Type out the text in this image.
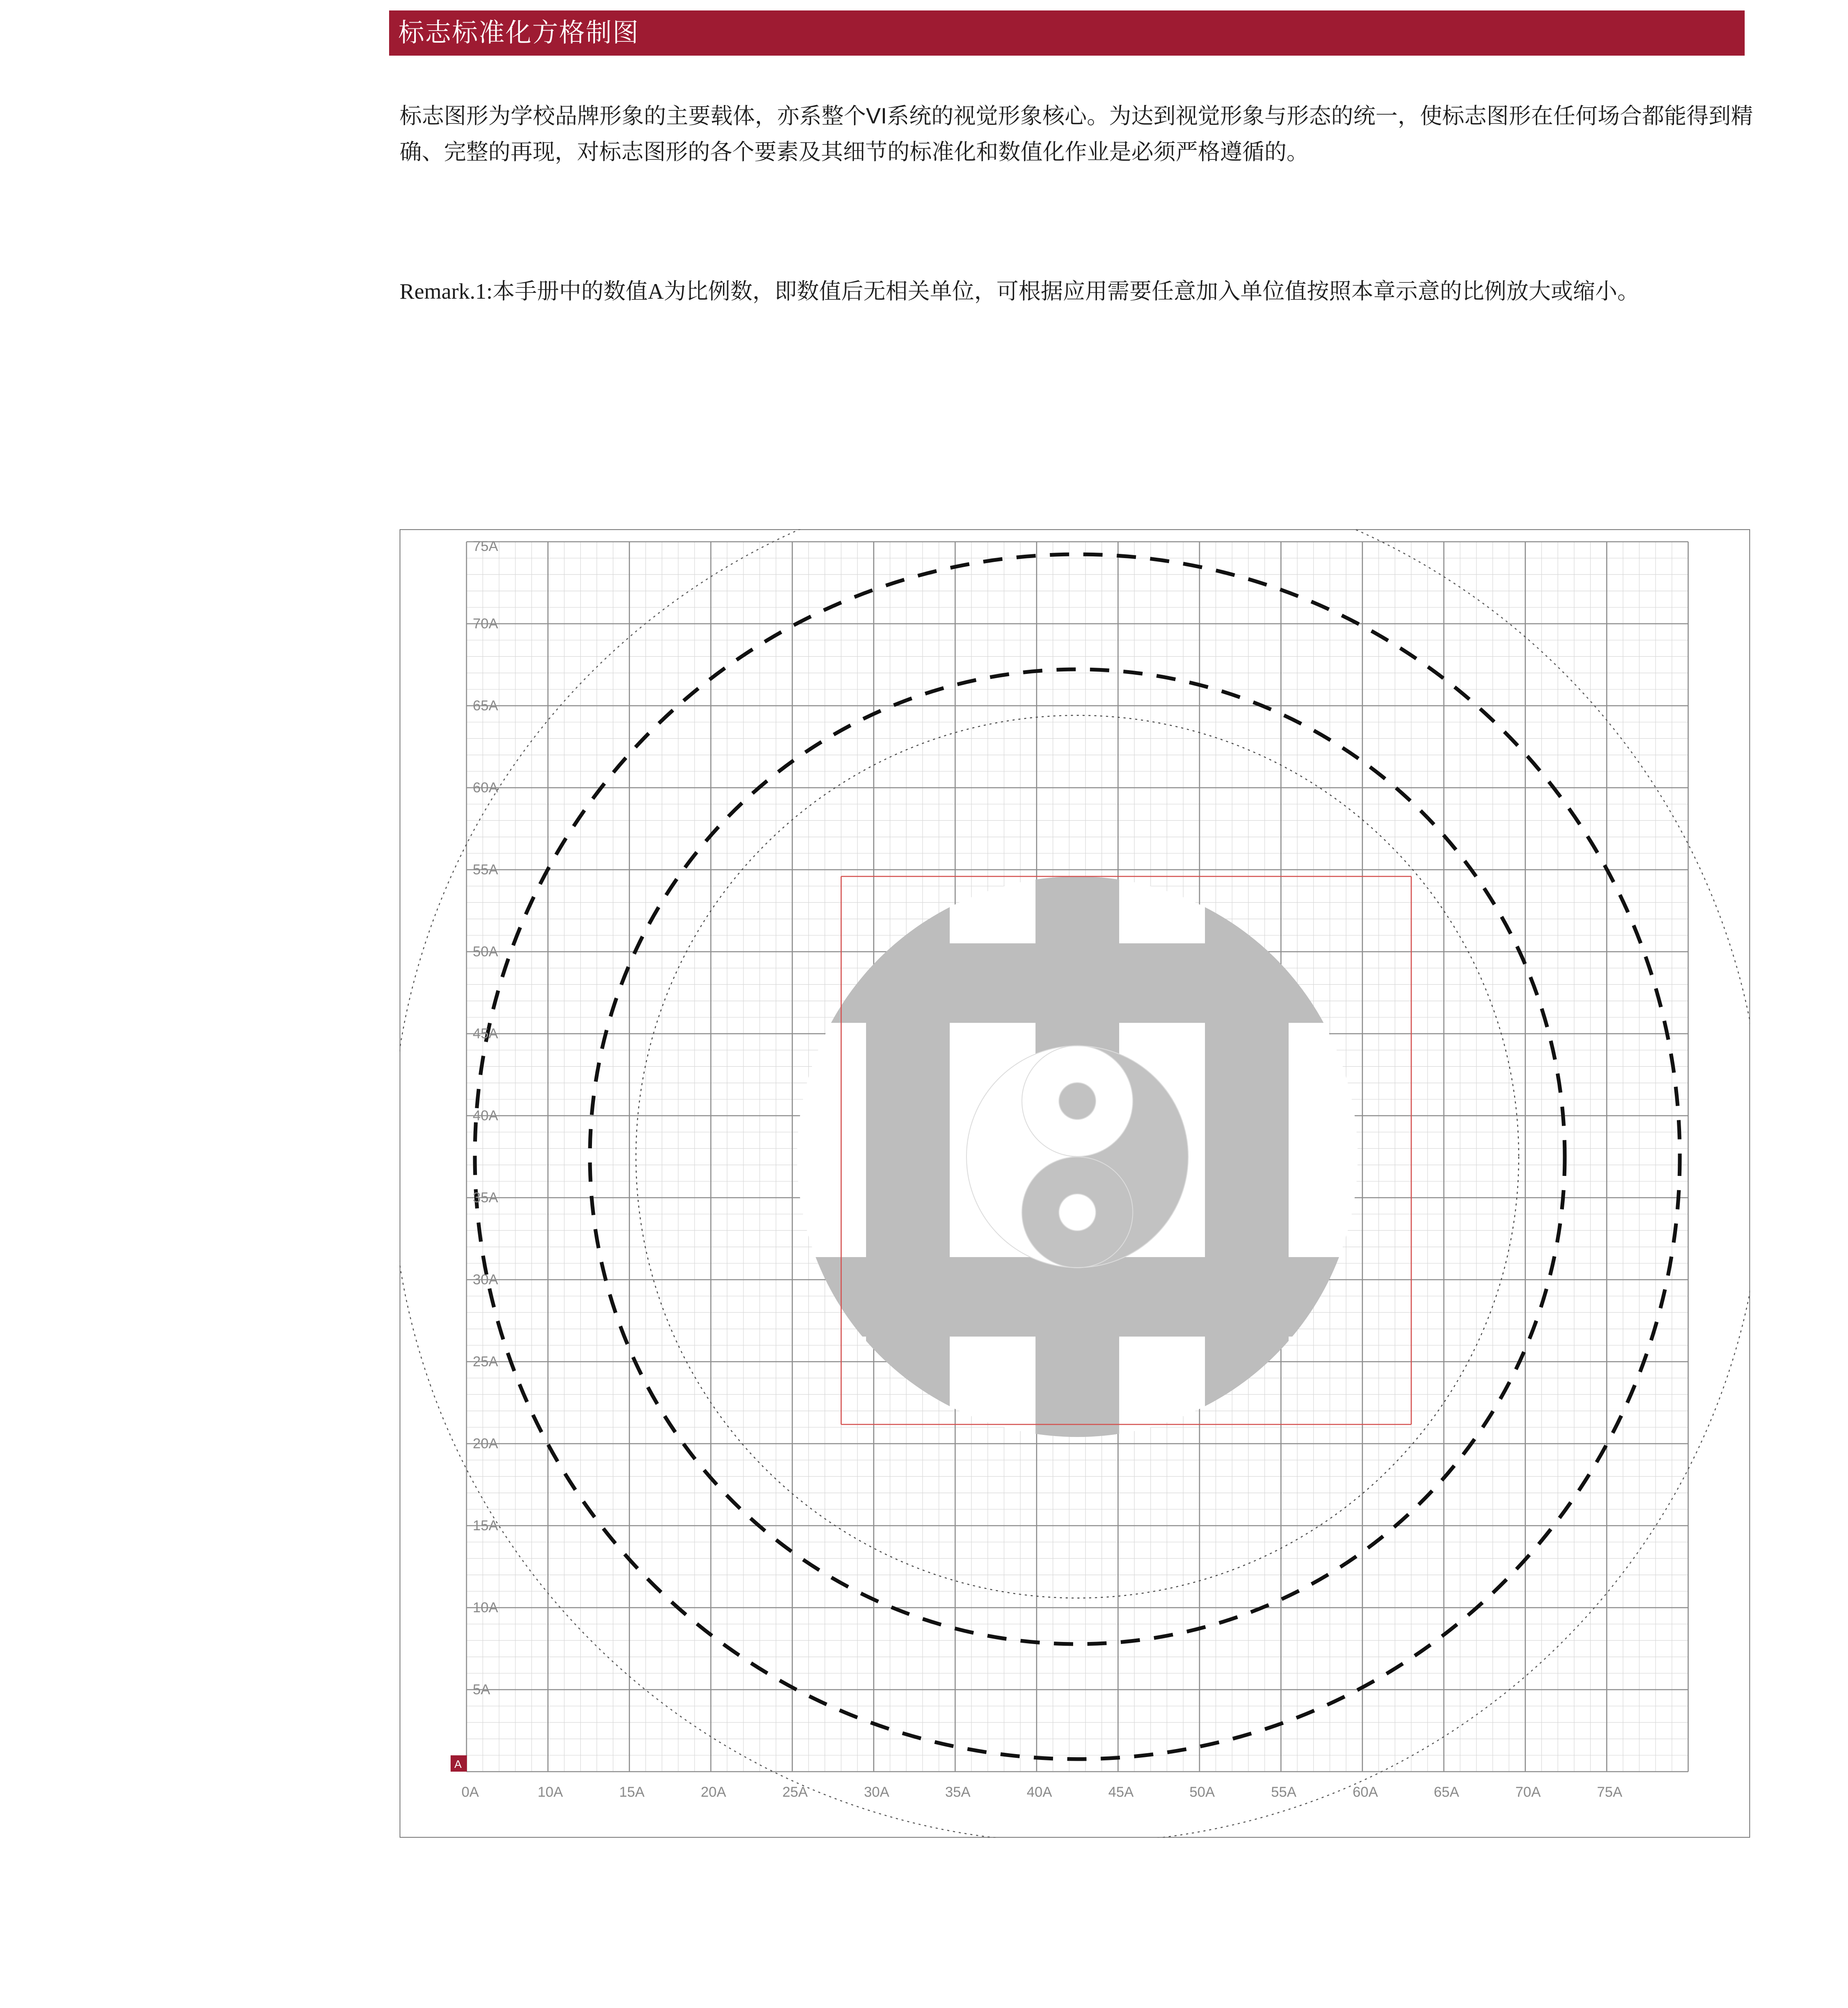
标志标准化方格制图
标志图形为学校品牌形象的主要载体，亦系整个VI系统的视觉形象核心。为达到视觉形象与形态的统一，使标志图形在任何场合都能得到精确、完整的再现，对标志图形的各个要素及其细节的标准化和数值化作业是必须严格遵循的。
Remark.1:本手册中的数值A为比例数，即数值后无相关单位，可根据应用需要任意加入单位值按照本章示意的比例放大或缩小。
5A
10A
15A
20A
25A
30A
35A
40A
45A
50A
55A
60A
65A
70A
75A
0A	10A	15A	20A	25A	30A	35A	40A	45A	50A	55A	60A	65A	70A	75A
A
